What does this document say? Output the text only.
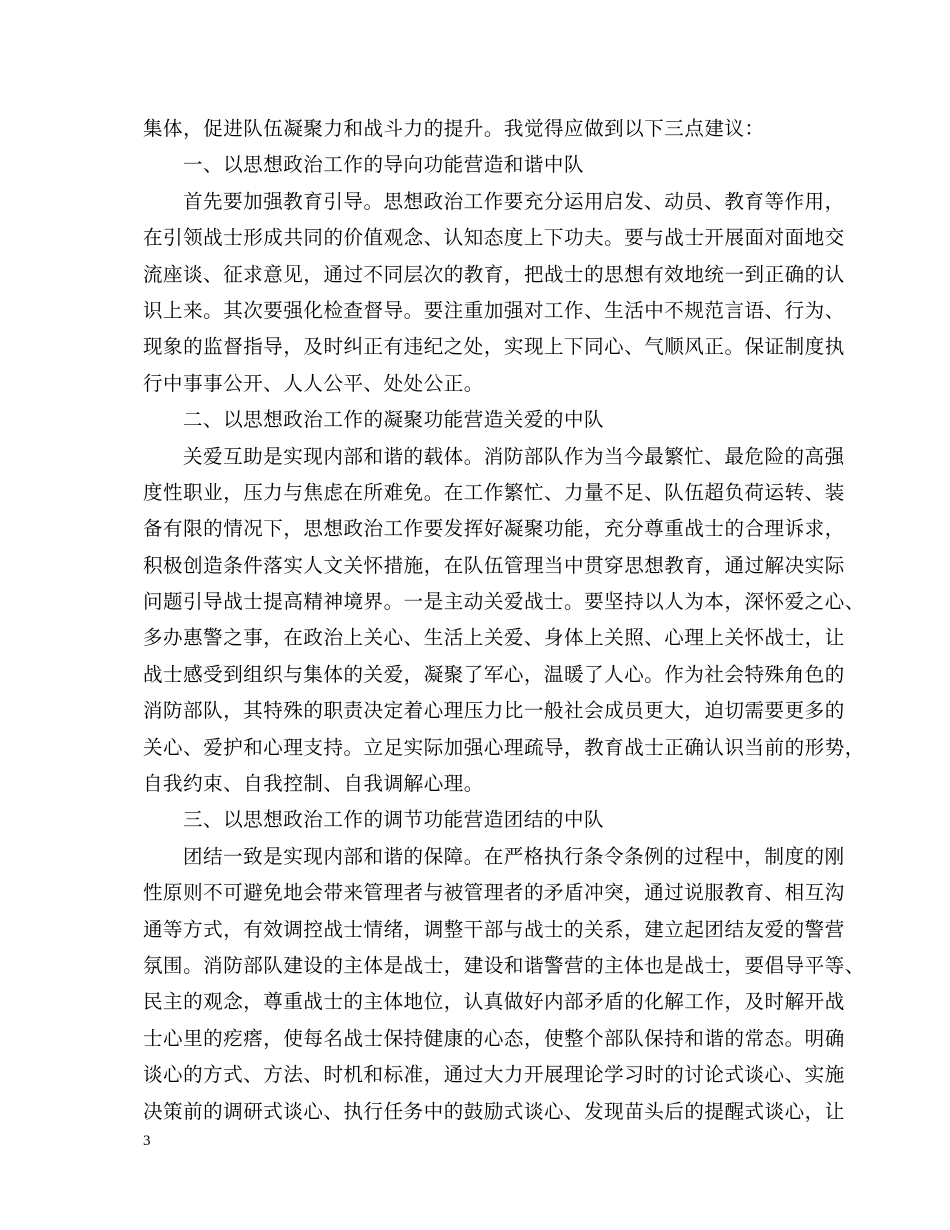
集体，促进队伍凝聚力和战斗力的提升。我觉得应做到以下三点建议：
一、以思想政治工作的导向功能营造和谐中队
首先要加强教育引导。思想政治工作要充分运用启发、动员、教育等作用，
在引领战士形成共同的价值观念、认知态度上下功夫。要与战士开展面对面地交
流座谈、征求意见，通过不同层次的教育，把战士的思想有效地统一到正确的认
识上来。其次要强化检查督导。要注重加强对工作、生活中不规范言语、行为、
现象的监督指导，及时纠正有违纪之处，实现上下同心、气顺风正。保证制度执
行中事事公开、人人公平、处处公正。
二、以思想政治工作的凝聚功能营造关爱的中队
关爱互助是实现内部和谐的载体。消防部队作为当今最繁忙、最危险的高强
度性职业，压力与焦虑在所难免。在工作繁忙、力量不足、队伍超负荷运转、装
备有限的情况下，思想政治工作要发挥好凝聚功能，充分尊重战士的合理诉求，
积极创造条件落实人文关怀措施，在队伍管理当中贯穿思想教育，通过解决实际
问题引导战士提高精神境界。一是主动关爱战士。要坚持以人为本，深怀爱之心、
多办惠警之事，在政治上关心、生活上关爱、身体上关照、心理上关怀战士，让
战士感受到组织与集体的关爱，凝聚了军心，温暖了人心。作为社会特殊角色的
消防部队，其特殊的职责决定着心理压力比一般社会成员更大，迫切需要更多的
关心、爱护和心理支持。立足实际加强心理疏导，教育战士正确认识当前的形势，
自我约束、自我控制、自我调解心理。
三、以思想政治工作的调节功能营造团结的中队
团结一致是实现内部和谐的保障。在严格执行条令条例的过程中，制度的刚
性原则不可避免地会带来管理者与被管理者的矛盾冲突，通过说服教育、相互沟
通等方式，有效调控战士情绪，调整干部与战士的关系，建立起团结友爱的警营
氛围。消防部队建设的主体是战士，建设和谐警营的主体也是战士，要倡导平等、
民主的观念，尊重战士的主体地位，认真做好内部矛盾的化解工作，及时解开战
士心里的疙瘩，使每名战士保持健康的心态，使整个部队保持和谐的常态。明确
谈心的方式、方法、时机和标准，通过大力开展理论学习时的讨论式谈心、实施
决策前的调研式谈心、执行任务中的鼓励式谈心、发现苗头后的提醒式谈心，让
3
